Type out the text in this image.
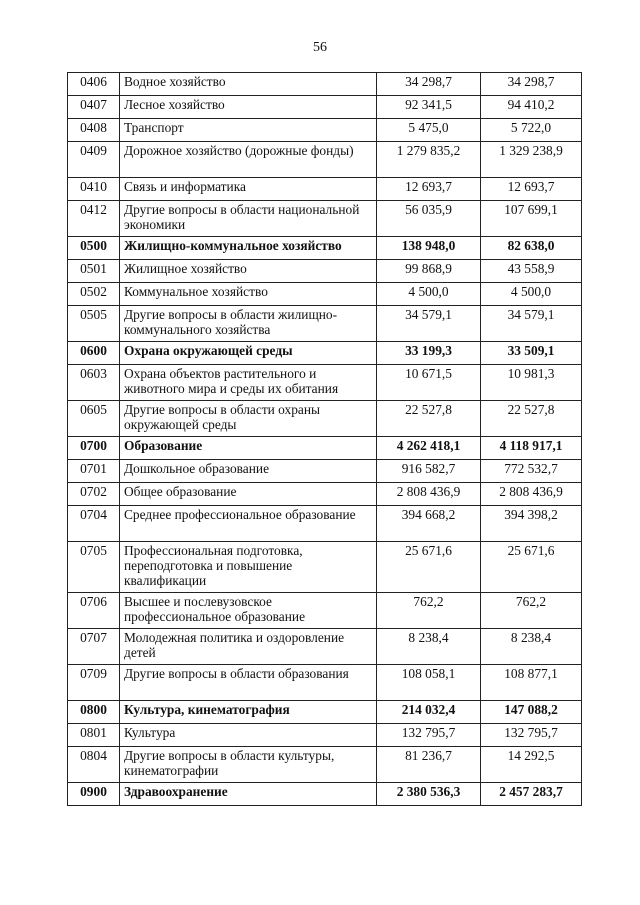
56
0406	Водное хозяйство	34 298,7	34 298,7
0407	Лесное хозяйство	92 341,5	94 410,2
0408	Транспорт	5 475,0	5 722,0
0409	Дорожное хозяйство (дорожные фонды)	1 279 835,2	1 329 238,9
0410	Связь и информатика	12 693,7	12 693,7
0412	Другие вопросы в области национальной экономики	56 035,9	107 699,1
0500	Жилищно-коммунальное хозяйство	138 948,0	82 638,0
0501	Жилищное хозяйство	99 868,9	43 558,9
0502	Коммунальное хозяйство	4 500,0	4 500,0
0505	Другие вопросы в области жилищно-коммунального хозяйства	34 579,1	34 579,1
0600	Охрана окружающей среды	33 199,3	33 509,1
0603	Охрана объектов растительного и животного мира и среды их обитания	10 671,5	10 981,3
0605	Другие вопросы в области охраны окружающей среды	22 527,8	22 527,8
0700	Образование	4 262 418,1	4 118 917,1
0701	Дошкольное образование	916 582,7	772 532,7
0702	Общее образование	2 808 436,9	2 808 436,9
0704	Среднее профессиональное образование	394 668,2	394 398,2
0705	Профессиональная подготовка, переподготовка и повышение квалификации	25 671,6	25 671,6
0706	Высшее и послевузовское профессиональное образование	762,2	762,2
0707	Молодежная политика и оздоровление детей	8 238,4	8 238,4
0709	Другие вопросы в области образования	108 058,1	108 877,1
0800	Культура, кинематография	214 032,4	147 088,2
0801	Культура	132 795,7	132 795,7
0804	Другие вопросы в области культуры, кинематографии	81 236,7	14 292,5
0900	Здравоохранение	2 380 536,3	2 457 283,7
